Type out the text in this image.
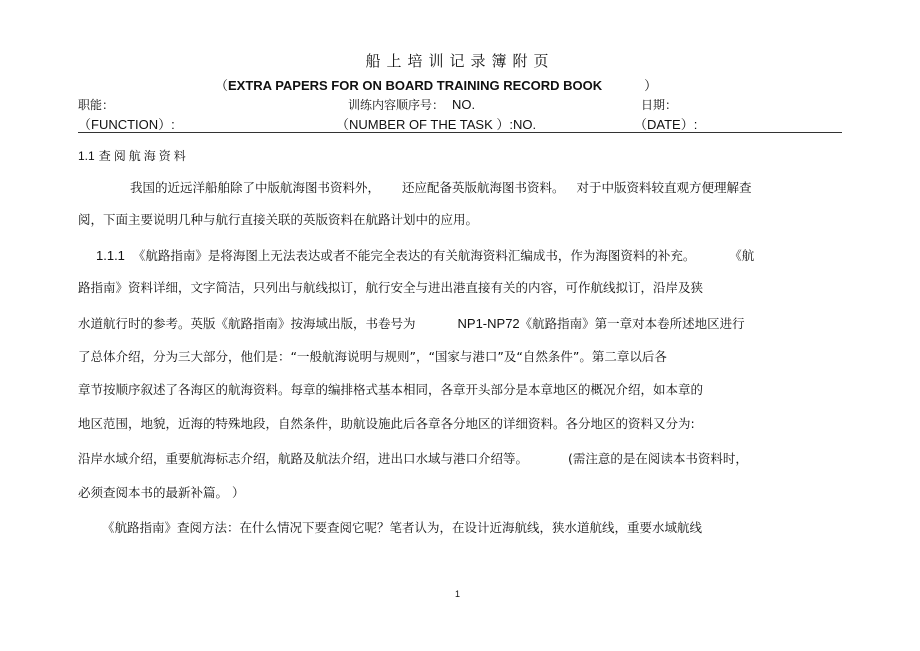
船上培训记录簿附页
（EXTRA PAPERS FOR ON BOARD TRAINING RECORD BOOK	）
职能：	训练内容顺序号： NO.	日期：
（FUNCTION）:	（NUMBER OF THE TASK ）:NO.	（DATE）:
1.1 查阅航海资料
我国的近远洋船舶除了中版航海图书资料外， 还应配备英版航海图书资料。 对于中版资料较直观方便理解查
阅，下面主要说明几种与航行直接关联的英版资料在航路计划中的应用。
1.1.1 《航路指南》是将海图上无法表达或者不能完全表达的有关航海资料汇编成书，作为海图资料的补充。	《航
路指南》资料详细，文字简洁，只列出与航线拟订，航行安全与进出港直接有关的内容，可作航线拟订，沿岸及狭
水道航行时的参考。英版《航路指南》按海域出版，书卷号为	NP1-NP72《航路指南》第一章对本卷所述地区进行
了总体介绍，分为三大部分，他们是：“一般航海说明与规则”，“国家与港口”及“自然条件”。第二章以后各
章节按顺序叙述了各海区的航海资料。每章的编排格式基本相同，各章开头部分是本章地区的概况介绍，如本章的
地区范围，地貌，近海的特殊地段，自然条件，助航设施此后各章各分地区的详细资料。各分地区的资料又分为:
沿岸水域介绍，重要航海标志介绍，航路及航法介绍，进出口水域与港口介绍等。	(需注意的是在阅读本书资料时，
必须查阅本书的最新补篇。 ）
《航路指南》查阅方法：在什么情况下要查阅它呢？笔者认为，在设计近海航线，狭水道航线，重要水域航线
1
